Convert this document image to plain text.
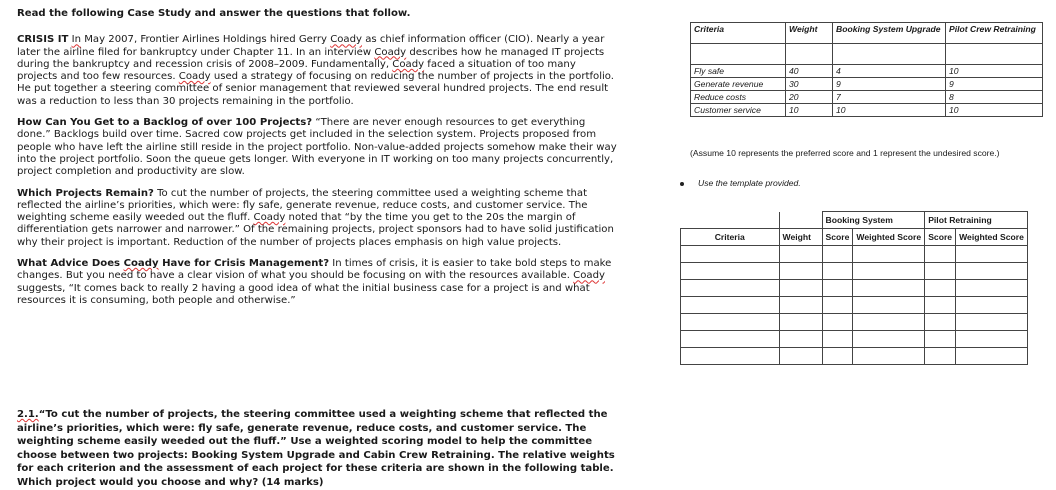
Read the following Case Study and answer the questions that follow.

CRISIS IT In May 2007, Frontier Airlines Holdings hired Gerry Coady as chief information officer (CIO). Nearly a year later the airline filed for bankruptcy under Chapter 11. In an interview Coady describes how he managed IT projects during the bankruptcy and recession crisis of 2008–2009. Fundamentally, Coady faced a situation of too many projects and too few resources. Coady used a strategy of focusing on reducing the number of projects in the portfolio. He put together a steering committee of senior management that reviewed several hundred projects. The end result was a reduction to less than 30 projects remaining in the portfolio.

How Can You Get to a Backlog of over 100 Projects? “There are never enough resources to get everything done.” Backlogs build over time. Sacred cow projects get included in the selection system. Projects proposed from people who have left the airline still reside in the project portfolio. Non-value-added projects somehow make their way into the project portfolio. Soon the queue gets longer. With everyone in IT working on too many projects concurrently, project completion and productivity are slow.

Which Projects Remain? To cut the number of projects, the steering committee used a weighting scheme that reflected the airline’s priorities, which were: fly safe, generate revenue, reduce costs, and customer service. The weighting scheme easily weeded out the fluff. Coady noted that “by the time you get to the 20s the margin of differentiation gets narrower and narrower.” Of the remaining projects, project sponsors had to have solid justification why their project is important. Reduction of the number of projects places emphasis on high value projects.

What Advice Does Coady Have for Crisis Management? In times of crisis, it is easier to take bold steps to make changes. But you need to have a clear vision of what you should be focusing on with the resources available. Coady suggests, “It comes back to really 2 having a good idea of what the initial business case for a project is and what resources it is consuming, both people and otherwise.”

2.1.“To cut the number of projects, the steering committee used a weighting scheme that reflected the airline’s priorities, which were: fly safe, generate revenue, reduce costs, and customer service. The weighting scheme easily weeded out the fluff.” Use a weighted scoring model to help the committee choose between two projects: Booking System Upgrade and Cabin Crew Retraining. The relative weights for each criterion and the assessment of each project for these criteria are shown in the following table. Which project would you choose and why? (14 marks)

Criteria	Weight	Booking System Upgrade	Pilot Crew Retraining

Fly safe	40	4	10
Generate revenue	30	9	9
Reduce costs	20	7	8
Customer service	10	10	10
(Assume 10 represents the preferred score and 1 represent the undesired score.)
Use the template provided.
		Booking System		Pilot Retraining	
Criteria	Weight	Score	Weighted Score	Score	Weighted Score
